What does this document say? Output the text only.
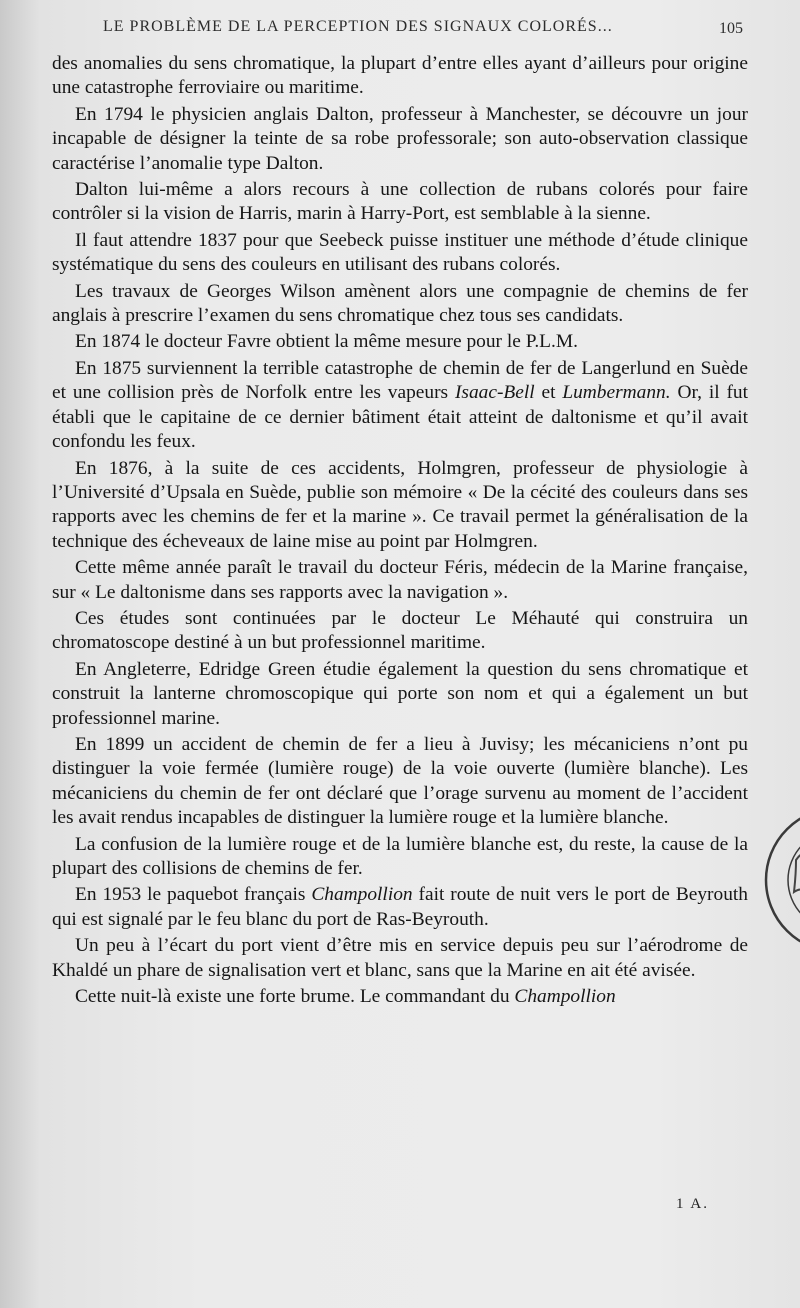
LE PROBLÈME DE LA PERCEPTION DES SIGNAUX COLORÉS...	105

des anomalies du sens chromatique, la plupart d’entre elles ayant d’ailleurs pour origine une catastrophe ferroviaire ou maritime.

En 1794 le physicien anglais Dalton, professeur à Manchester, se découvre un jour incapable de désigner la teinte de sa robe professorale; son auto-observation classique caractérise l’anomalie type Dalton.

Dalton lui-même a alors recours à une collection de rubans colorés pour faire contrôler si la vision de Harris, marin à Harry-Port, est semblable à la sienne.

Il faut attendre 1837 pour que Seebeck puisse instituer une méthode d’étude clinique systématique du sens des couleurs en utilisant des rubans colorés.

Les travaux de Georges Wilson amènent alors une compagnie de chemins de fer anglais à prescrire l’examen du sens chromatique chez tous ses candidats.

En 1874 le docteur Favre obtient la même mesure pour le P.L.M.

En 1875 surviennent la terrible catastrophe de chemin de fer de Langerlund en Suède et une collision près de Norfolk entre les vapeurs Isaac-Bell et Lumbermann. Or, il fut établi que le capitaine de ce dernier bâtiment était atteint de daltonisme et qu’il avait confondu les feux.

En 1876, à la suite de ces accidents, Holmgren, professeur de physiologie à l’Université d’Upsala en Suède, publie son mémoire « De la cécité des couleurs dans ses rapports avec les chemins de fer et la marine ». Ce travail permet la généralisation de la technique des écheveaux de laine mise au point par Holmgren.

Cette même année paraît le travail du docteur Féris, médecin de la Marine française, sur « Le daltonisme dans ses rapports avec la navigation ».

Ces études sont continuées par le docteur Le Méhauté qui construira un chromatoscope destiné à un but professionnel maritime.

En Angleterre, Edridge Green étudie également la question du sens chromatique et construit la lanterne chromoscopique qui porte son nom et qui a également un but professionnel marine.

En 1899 un accident de chemin de fer a lieu à Juvisy; les mécaniciens n’ont pu distinguer la voie fermée (lumière rouge) de la voie ouverte (lumière blanche). Les mécaniciens du chemin de fer ont déclaré que l’orage survenu au moment de l’accident les avait rendus incapables de distinguer la lumière rouge et la lumière blanche.

La confusion de la lumière rouge et de la lumière blanche est, du reste, la cause de la plupart des collisions de chemins de fer.

En 1953 le paquebot français Champollion fait route de nuit vers le port de Beyrouth qui est signalé par le feu blanc du port de Ras-Beyrouth.

Un peu à l’écart du port vient d’être mis en service depuis peu sur l’aérodrome de Khaldé un phare de signalisation vert et blanc, sans que la Marine en ait été avisée.

Cette nuit-là existe une forte brume. Le commandant du Champollion

1 A.
